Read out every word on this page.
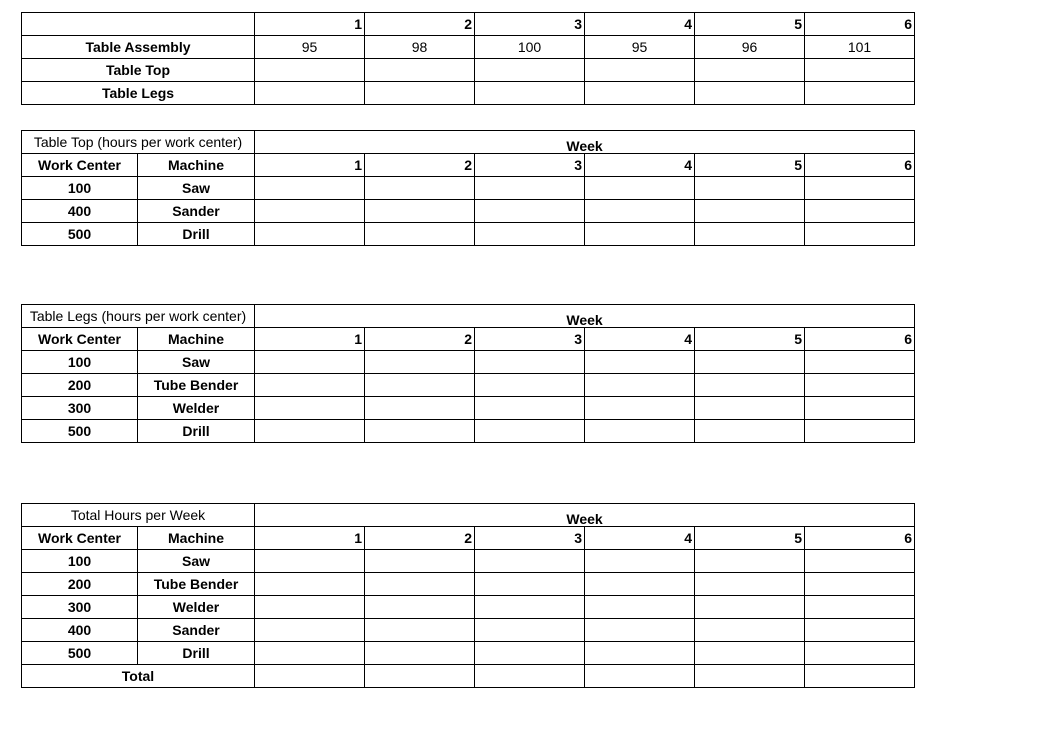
	1	2	3	4	5	6
Table Assembly	95	98	100	95	96	101
Table Top						
Table Legs						
Table Top (hours per work center)		Week					
Work Center	Machine	1	2	3	4	5	6
100	Saw						
400	Sander						
500	Drill						
Table Legs (hours per work center)		Week					
Work Center	Machine	1	2	3	4	5	6
100	Saw						
200	Tube Bender						
300	Welder						
500	Drill						
Total Hours per Week		Week					
Work Center	Machine	1	2	3	4	5	6
100	Saw						
200	Tube Bender						
300	Welder						
400	Sander						
500	Drill						
Total							
